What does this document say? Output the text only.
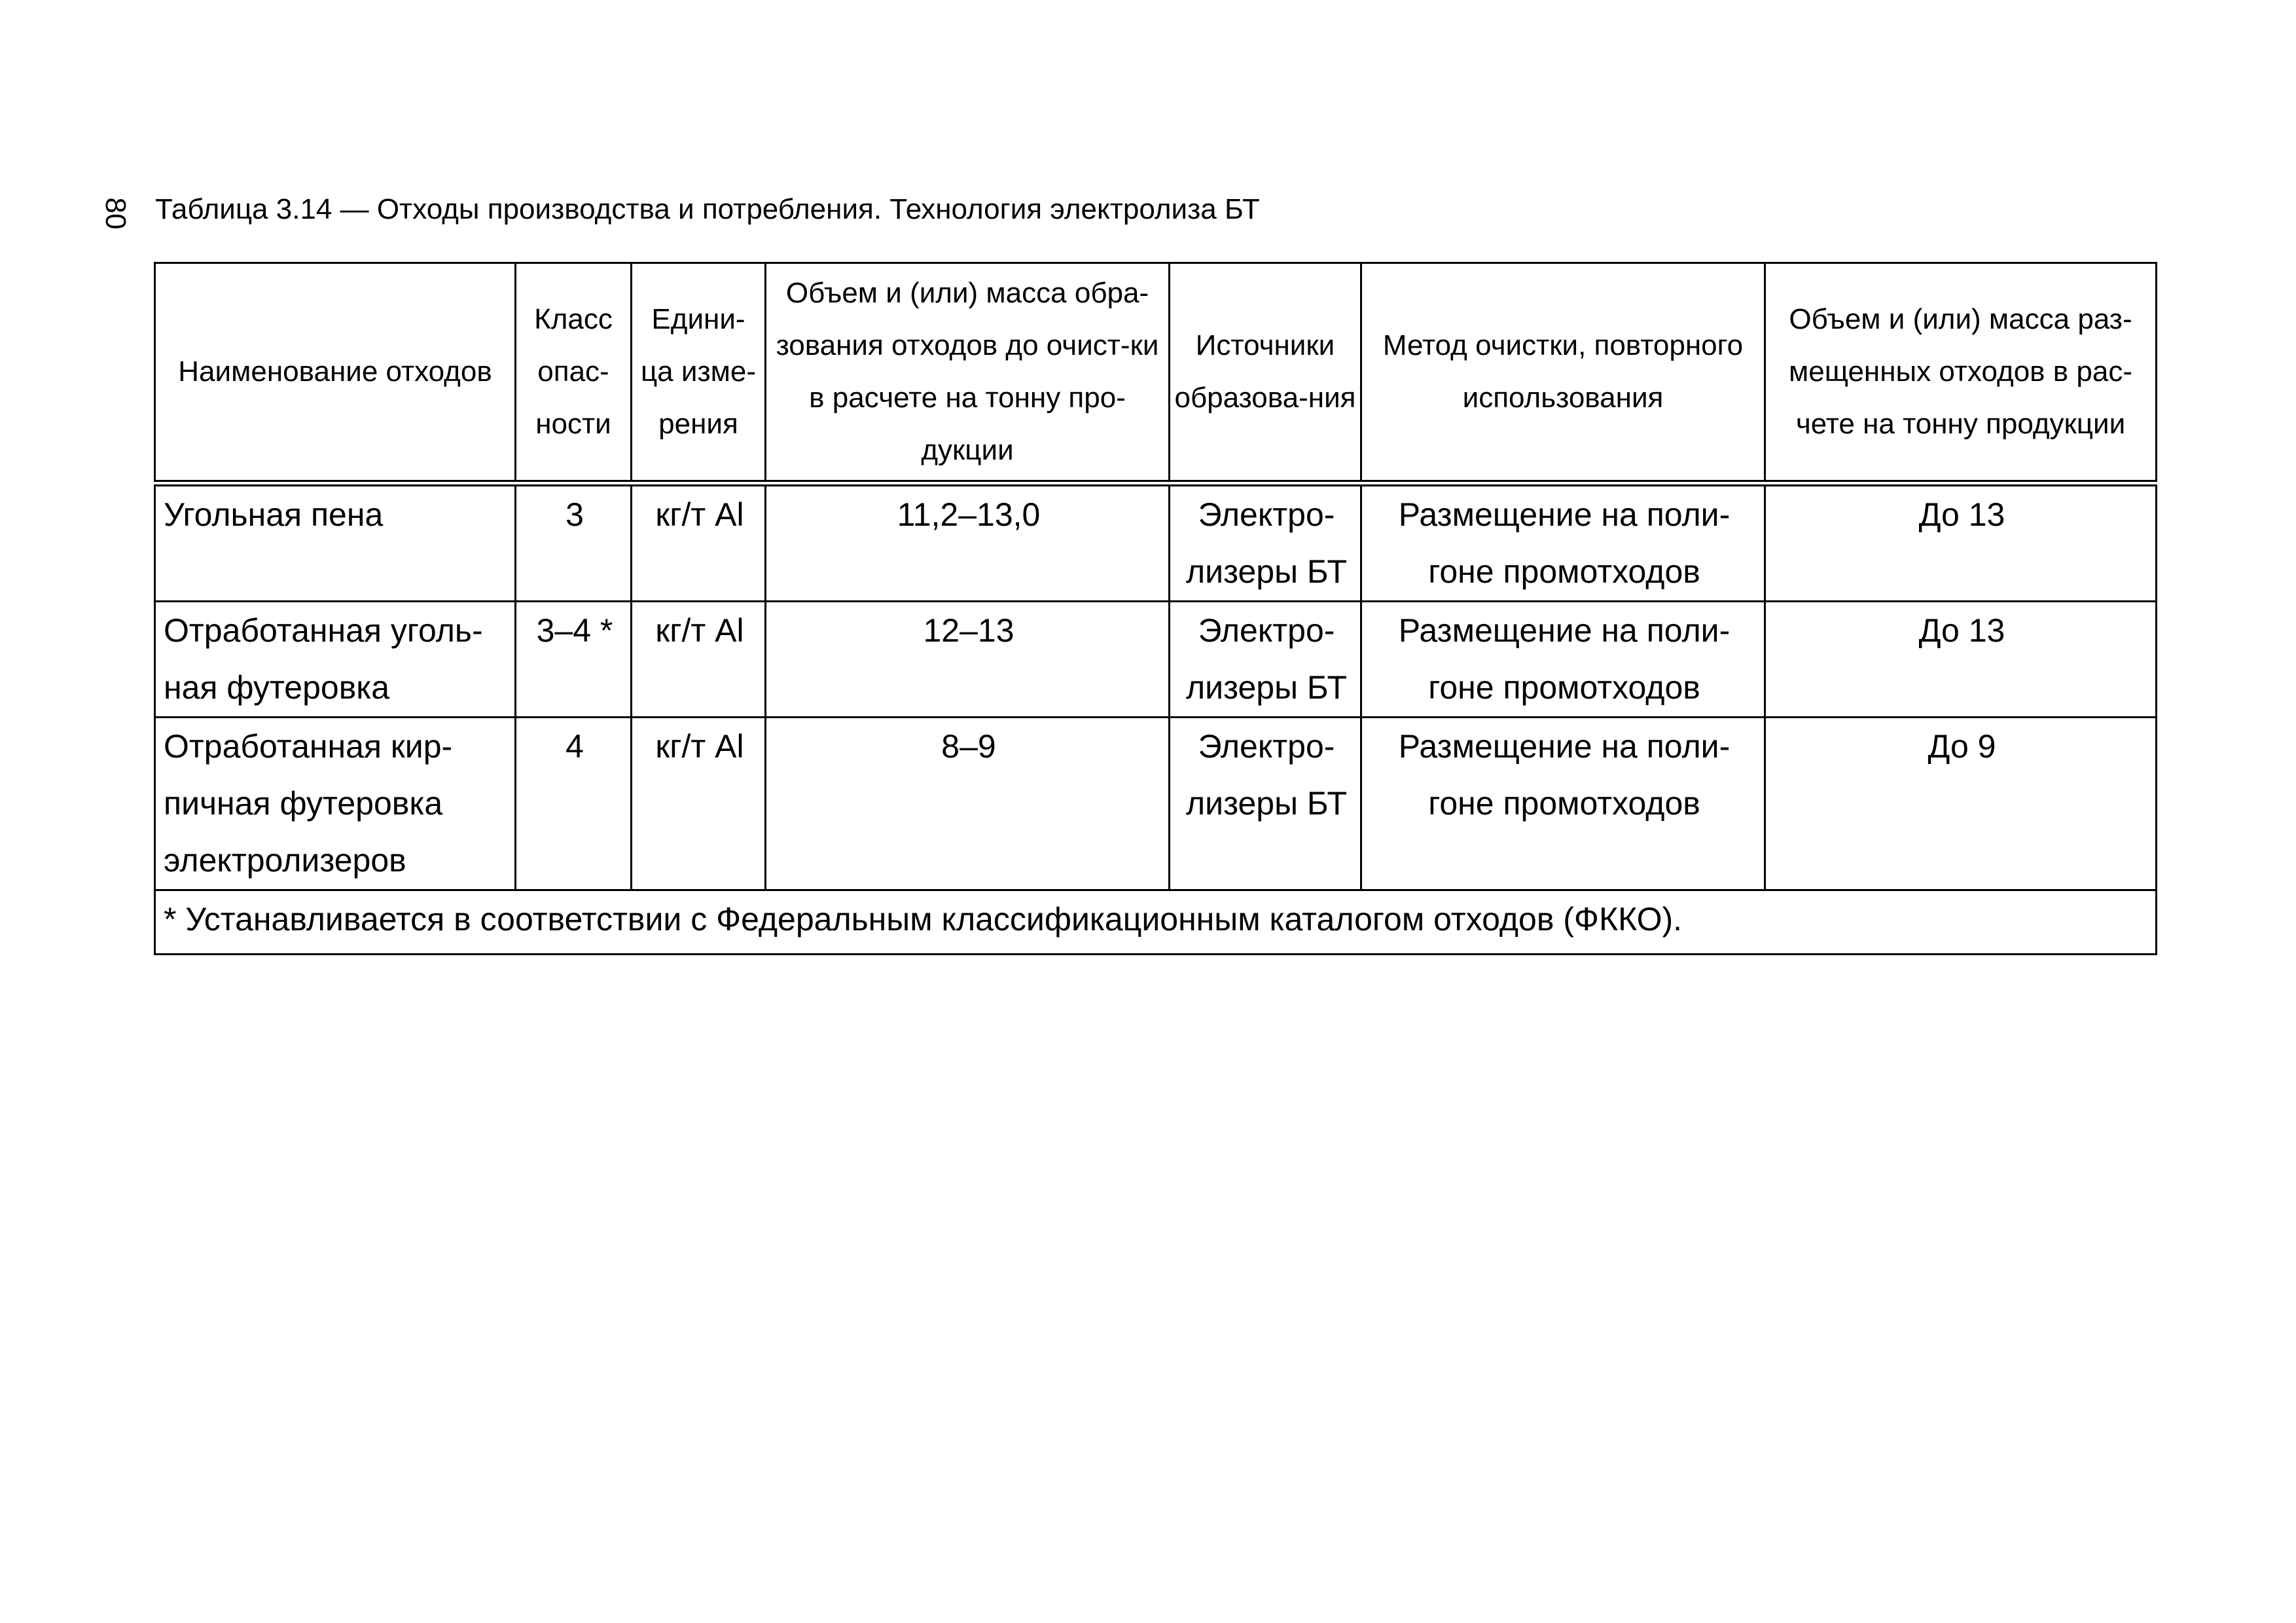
80 Таблица 3.14 — Отходы производства и потребления. Технология электролиза БТ
Наименование отходов	Класс опас-ности	Едини-ца изме-рения	Объем и (или) масса обра-зования отходов до очист-ки в расчете на тонну про-дукции	Источники образова-ния	Метод очистки, повторного использования	Объем и (или) масса раз-мещенных отходов в рас-чете на тонну продукции
Угольная пена	3	кг/т Al	11,2–13,0	Электро-лизеры БТ	Размещение на поли-гоне промотходов	До 13
Отработанная уголь-ная футеровка	3–4 *	кг/т Al	12–13	Электро-лизеры БТ	Размещение на поли-гоне промотходов	До 13
Отработанная кир-пичная футеровка электролизеров	4	кг/т Al	8–9	Электро-лизеры БТ	Размещение на поли-гоне промотходов	До 9
* Устанавливается в соответствии с Федеральным классификационным каталогом отходов (ФККО).						
